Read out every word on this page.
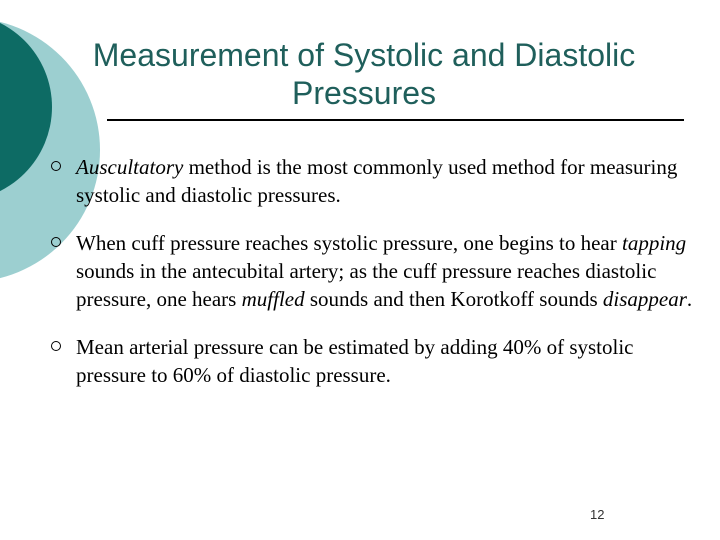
Measurement of Systolic and Diastolic
Pressures
Auscultatory method is the most commonly used method for measuring systolic and diastolic pressures.
When cuff pressure reaches systolic pressure, one begins to hear tapping sounds in the antecubital artery; as the cuff pressure reaches diastolic pressure, one hears muffled sounds and then Korotkoff sounds disappear.
Mean arterial pressure can be estimated by adding 40% of systolic pressure to 60% of diastolic pressure.
12
